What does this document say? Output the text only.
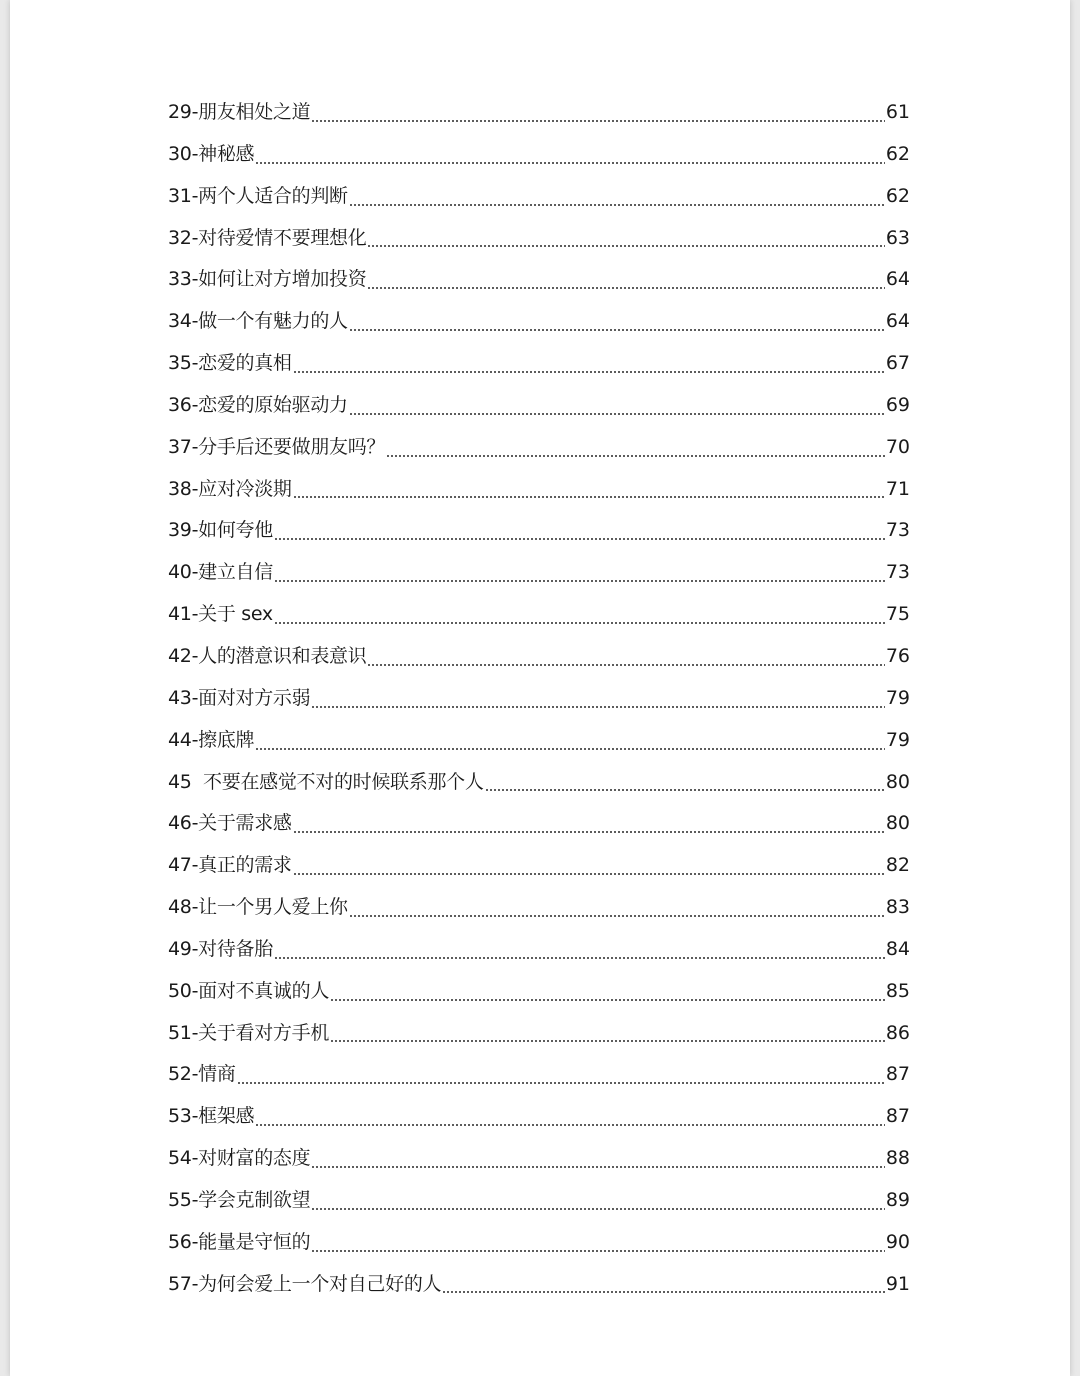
29-朋友相处之道	61
30-神秘感	62
31-两个人适合的判断	62
32-对待爱情不要理想化	63
33-如何让对方增加投资	64
34-做一个有魅力的人	64
35-恋爱的真相	67
36-恋爱的原始驱动力	69
37-分手后还要做朋友吗？	70
38-应对冷淡期	71
39-如何夸他	73
40-建立自信	73
41-关于 sex	75
42-人的潜意识和表意识	76
43-面对对方示弱	79
44-擦底牌	79
45  不要在感觉不对的时候联系那个人	80
46-关于需求感	80
47-真正的需求	82
48-让一个男人爱上你	83
49-对待备胎	84
50-面对不真诚的人	85
51-关于看对方手机	86
52-情商	87
53-框架感	87
54-对财富的态度	88
55-学会克制欲望	89
56-能量是守恒的	90
57-为何会爱上一个对自己好的人	91
